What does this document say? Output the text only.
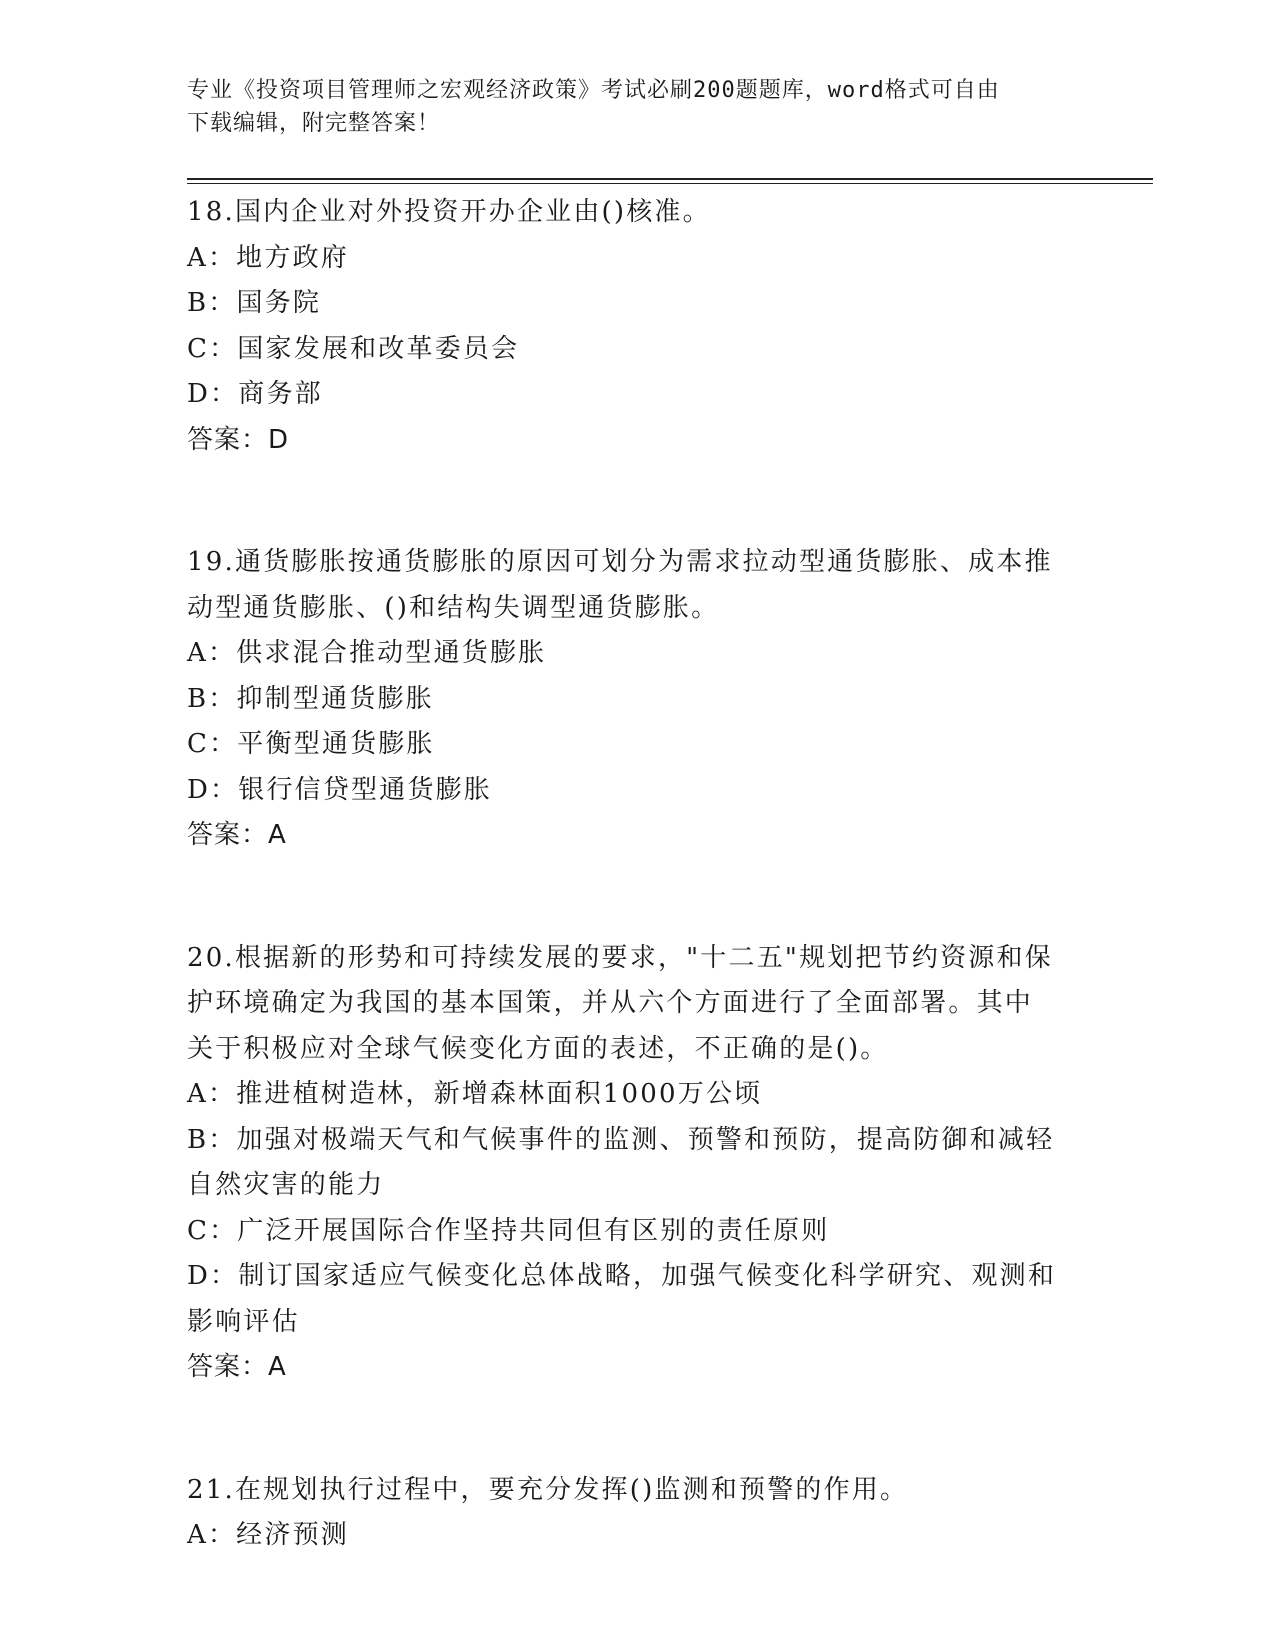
专业《投资项目管理师之宏观经济政策》考试必刷200题题库，word格式可自由
下载编辑，附完整答案！
18.国内企业对外投资开办企业由()核准。
A：地方政府
B：国务院
C：国家发展和改革委员会
D：商务部
答案：D
19.通货膨胀按通货膨胀的原因可划分为需求拉动型通货膨胀、成本推
动型通货膨胀、()和结构失调型通货膨胀。
A：供求混合推动型通货膨胀
B：抑制型通货膨胀
C：平衡型通货膨胀
D：银行信贷型通货膨胀
答案：A
20.根据新的形势和可持续发展的要求，"十二五"规划把节约资源和保
护环境确定为我国的基本国策，并从六个方面进行了全面部署。其中
关于积极应对全球气候变化方面的表述，不正确的是()。
A：推进植树造林，新增森林面积1000万公顷
B：加强对极端天气和气候事件的监测、预警和预防，提高防御和减轻
自然灾害的能力
C：广泛开展国际合作坚持共同但有区别的责任原则
D：制订国家适应气候变化总体战略，加强气候变化科学研究、观测和
影响评估
答案：A
21.在规划执行过程中，要充分发挥()监测和预警的作用。
A：经济预测
